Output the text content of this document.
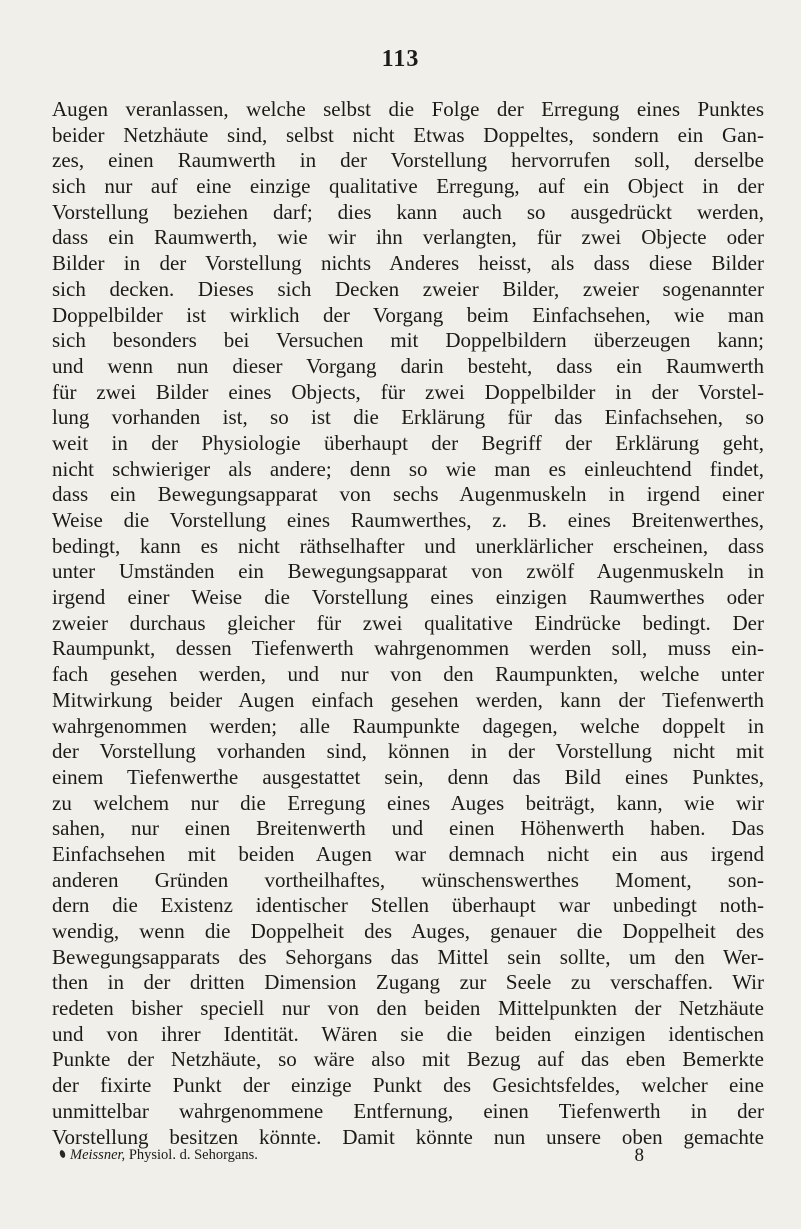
113
Augen veranlassen, welche selbst die Folge der Erregung eines Punktes
beider Netzhäute sind, selbst nicht Etwas Doppeltes, sondern ein Gan-
zes, einen Raumwerth in der Vorstellung hervorrufen soll, derselbe
sich nur auf eine einzige qualitative Erregung, auf ein Object in der
Vorstellung beziehen darf; dies kann auch so ausgedrückt werden,
dass ein Raumwerth, wie wir ihn verlangten, für zwei Objecte oder
Bilder in der Vorstellung nichts Anderes heisst, als dass diese Bilder
sich decken. Dieses sich Decken zweier Bilder, zweier sogenannter
Doppelbilder ist wirklich der Vorgang beim Einfachsehen, wie man
sich besonders bei Versuchen mit Doppelbildern überzeugen kann;
und wenn nun dieser Vorgang darin besteht, dass ein Raumwerth
für zwei Bilder eines Objects, für zwei Doppelbilder in der Vorstel-
lung vorhanden ist, so ist die Erklärung für das Einfachsehen, so
weit in der Physiologie überhaupt der Begriff der Erklärung geht,
nicht schwieriger als andere; denn so wie man es einleuchtend findet,
dass ein Bewegungsapparat von sechs Augenmuskeln in irgend einer
Weise die Vorstellung eines Raumwerthes, z. B. eines Breitenwerthes,
bedingt, kann es nicht räthselhafter und unerklärlicher erscheinen, dass
unter Umständen ein Bewegungsapparat von zwölf Augenmuskeln in
irgend einer Weise die Vorstellung eines einzigen Raumwerthes oder
zweier durchaus gleicher für zwei qualitative Eindrücke bedingt. Der
Raumpunkt, dessen Tiefenwerth wahrgenommen werden soll, muss ein-
fach gesehen werden, und nur von den Raumpunkten, welche unter
Mitwirkung beider Augen einfach gesehen werden, kann der Tiefenwerth
wahrgenommen werden; alle Raumpunkte dagegen, welche doppelt in
der Vorstellung vorhanden sind, können in der Vorstellung nicht mit
einem Tiefenwerthe ausgestattet sein, denn das Bild eines Punktes,
zu welchem nur die Erregung eines Auges beiträgt, kann, wie wir
sahen, nur einen Breitenwerth und einen Höhenwerth haben. Das
Einfachsehen mit beiden Augen war demnach nicht ein aus irgend
anderen Gründen vortheilhaftes, wünschenswerthes Moment, son-
dern die Existenz identischer Stellen überhaupt war unbedingt noth-
wendig, wenn die Doppelheit des Auges, genauer die Doppelheit des
Bewegungsapparats des Sehorgans das Mittel sein sollte, um den Wer-
then in der dritten Dimension Zugang zur Seele zu verschaffen. Wir
redeten bisher speciell nur von den beiden Mittelpunkten der Netzhäute
und von ihrer Identität. Wären sie die beiden einzigen identischen
Punkte der Netzhäute, so wäre also mit Bezug auf das eben Bemerkte
der fixirte Punkt der einzige Punkt des Gesichtsfeldes, welcher eine
unmittelbar wahrgenommene Entfernung, einen Tiefenwerth in der
Vorstellung besitzen könnte. Damit könnte nun unsere oben gemachte
Meissner, Physiol. d. Sehorgans.	8
